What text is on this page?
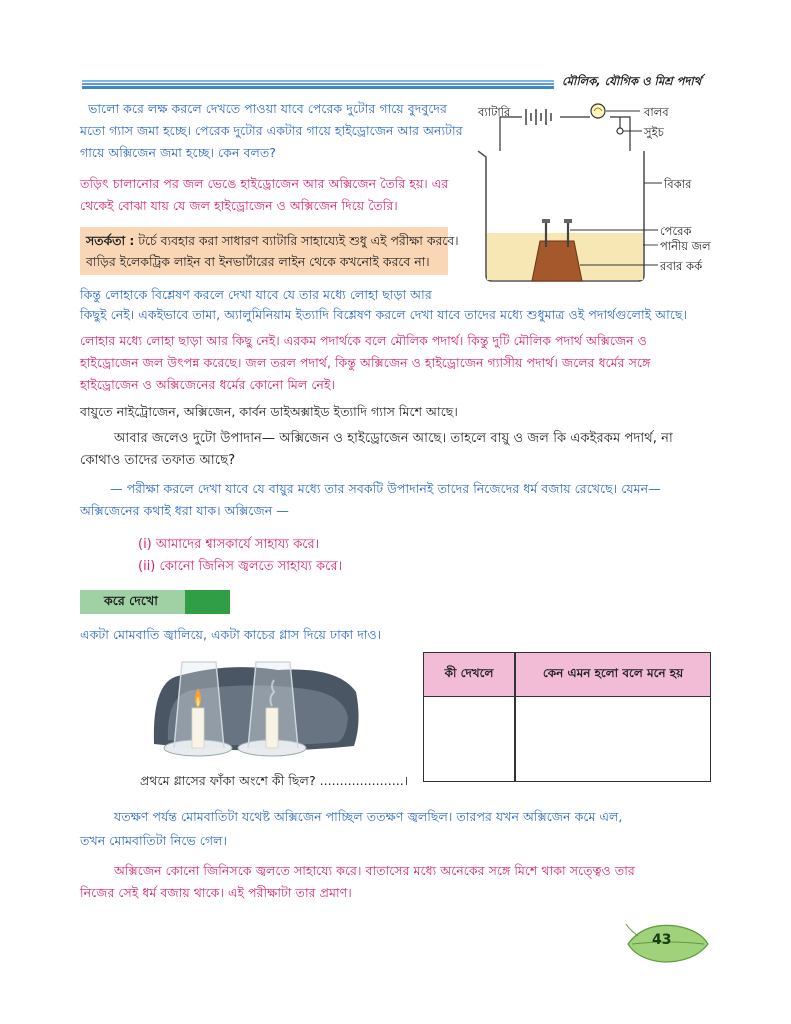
মৌলিক, যৌগিক ও মিশ্র পদার্থ
ভালো করে লক্ষ করলে দেখতে পাওয়া যাবে পেরেক দুটোর গায়ে বুদবুদের
মতো গ্যাস জমা হচ্ছে। পেরেক দুটোর একটার গায়ে হাইড্রোজেন আর অন্যটার
গায়ে অক্সিজেন জমা হচ্ছে। কেন বলত?
তড়িৎ চালানোর পর জল ভেঙে হাইড্রোজেন আর অক্সিজেন তৈরি হয়। এর
থেকেই বোঝা যায় যে জল হাইড্রোজেন ও অক্সিজেন দিয়ে তৈরি।
সতর্কতা : টর্চে ব্যবহার করা সাধারণ ব্যাটারি সাহায্যেই শুধু এই পরীক্ষা করবে।
বাড়ির ইলেকট্রিক লাইন বা ইনভার্টারের লাইন থেকে কখনোই করবে না।
ব্যাটারি	বালব
সুইচ
বিকার
পেরেক
পানীয় জল
রবার কর্ক
কিন্তু লোহাকে বিশ্লেষণ করলে দেখা যাবে যে তার মধ্যে লোহা ছাড়া আর
কিছুই নেই। একইভাবে তামা, অ্যালুমিনিয়াম ইত্যাদি বিশ্লেষণ করলে দেখা যাবে তাদের মধ্যে শুধুমাত্র ওই পদার্থগুলোই আছে।
লোহার মধ্যে লোহা ছাড়া আর কিছু নেই। এরকম পদার্থকে বলে মৌলিক পদার্থ। কিন্তু দুটি মৌলিক পদার্থ অক্সিজেন ও
হাইড্রোজেন জল উৎপন্ন করেছে। জল তরল পদার্থ, কিন্তু অক্সিজেন ও হাইড্রোজেন গ্যাসীয় পদার্থ। জলের ধর্মের সঙ্গে
হাইড্রোজেন ও অক্সিজেনের ধর্মের কোনো মিল নেই।
বায়ুতে নাইট্রোজেন, অক্সিজেন, কার্বন ডাইঅক্সাইড ইত্যাদি গ্যাস মিশে আছে।
আবার জলেও দুটো উপাদান— অক্সিজেন ও হাইড্রোজেন আছে। তাহলে বায়ু ও জল কি একইরকম পদার্থ, না
কোথাও তাদের তফাত আছে?
— পরীক্ষা করলে দেখা যাবে যে বায়ুর মধ্যে তার সবকটি উপাদানই তাদের নিজেদের ধর্ম বজায় রেখেছে। যেমন—
অক্সিজেনের কথাই ধরা যাক। অক্সিজেন —
(i) আমাদের শ্বাসকার্যে সাহায্য করে।
(ii) কোনো জিনিস জ্বলতে সাহায্য করে।
করে দেখো
একটা মোমবাতি জ্বালিয়ে, একটা কাচের গ্লাস দিয়ে ঢাকা দাও।
প্রথমে গ্লাসের ফাঁকা অংশে কী ছিল? .....................।
কী দেখলে	কেন এমন হলো বলে মনে হয়
যতক্ষণ পর্যন্ত মোমবাতিটা যথেষ্ট অক্সিজেন পাচ্ছিল ততক্ষণ জ্বলছিল। তারপর যখন অক্সিজেন কমে এল,
তখন মোমবাতিটা নিভে গেল।
অক্সিজেন কোনো জিনিসকে জ্বলতে সাহায্যে করে। বাতাসের মধ্যে অনেকের সঙ্গে মিশে থাকা সত্ত্বেও তার
নিজের সেই ধর্ম বজায় থাকে। এই পরীক্ষাটা তার প্রমাণ।
43
